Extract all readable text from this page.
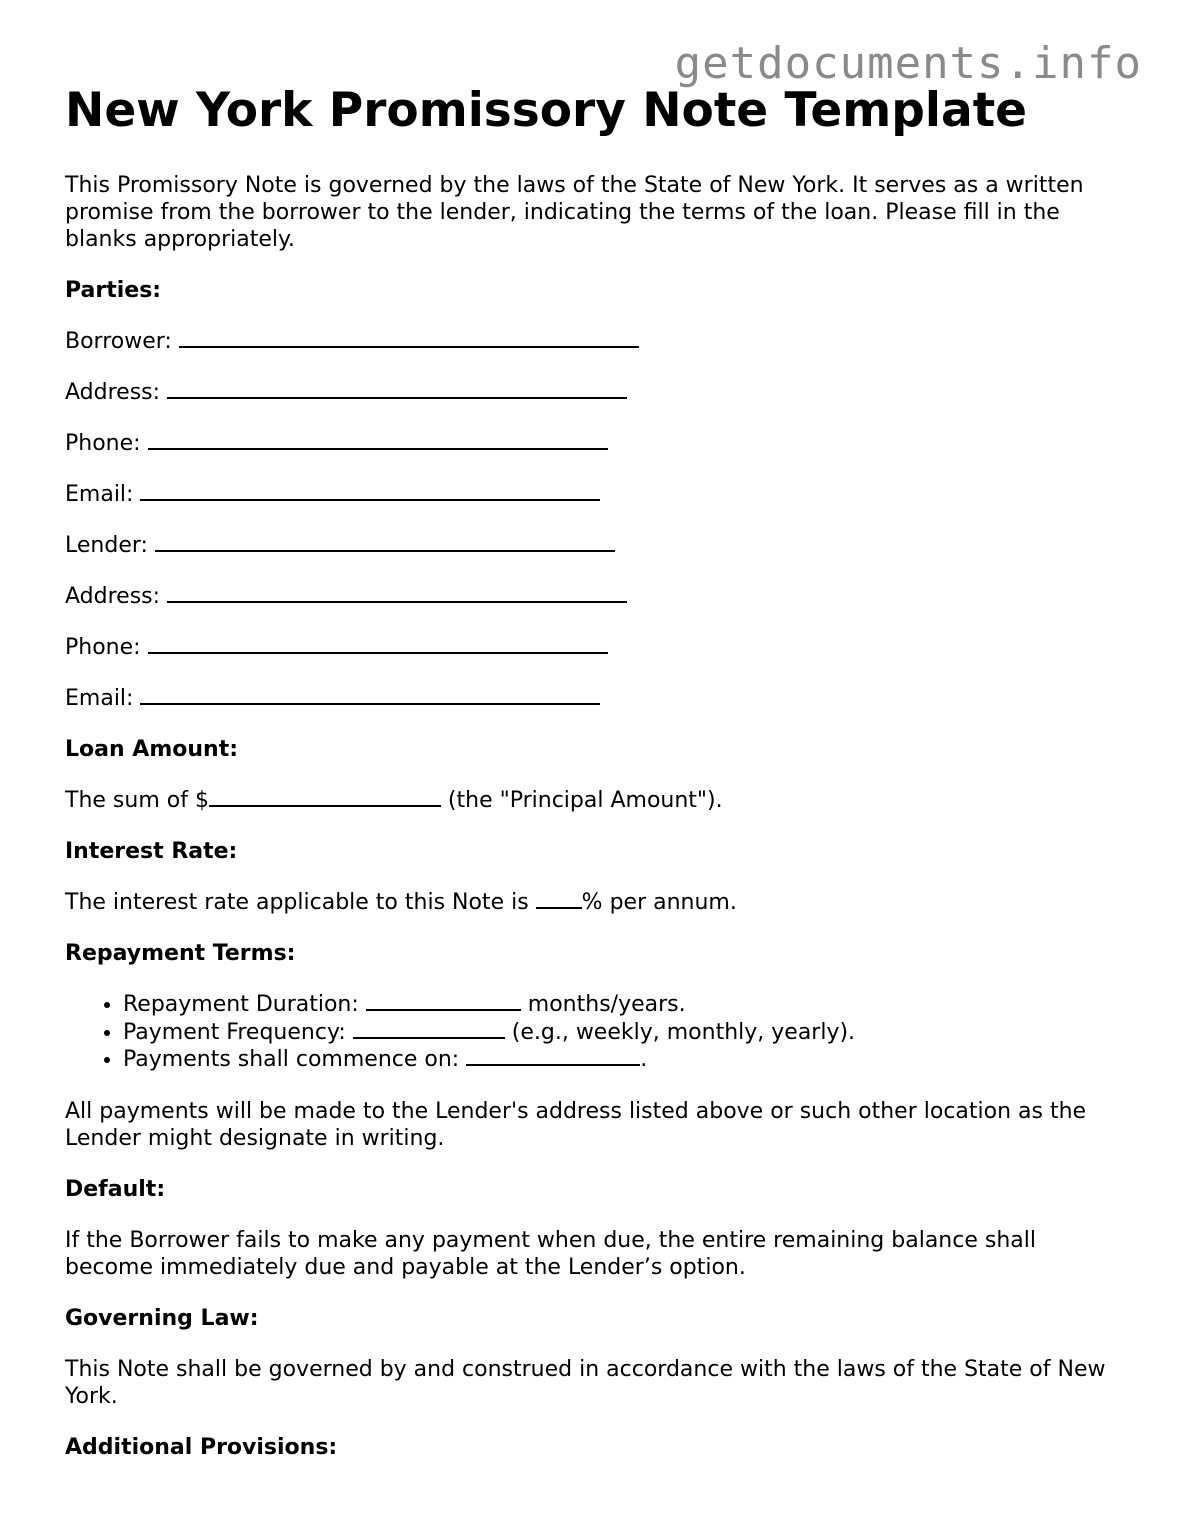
getdocuments.info
New York Promissory Note Template

This Promissory Note is governed by the laws of the State of New York. It serves as a written promise from the borrower to the lender, indicating the terms of the loan. Please fill in the blanks appropriately.

Parties:

Borrower:

Address:

Phone:

Email:

Lender:

Address:

Phone:

Email:

Loan Amount:

The sum of $	(the "Principal Amount").

Interest Rate:

The interest rate applicable to this Note is % per annum.

Repayment Terms:

• Repayment Duration:	months/years.
• Payment Frequency:	(e.g., weekly, monthly, yearly).
• Payments shall commence on:	.

All payments will be made to the Lender's address listed above or such other location as the Lender might designate in writing.

Default:

If the Borrower fails to make any payment when due, the entire remaining balance shall become immediately due and payable at the Lender’s option.

Governing Law:

This Note shall be governed by and construed in accordance with the laws of the State of New York.

Additional Provisions:
